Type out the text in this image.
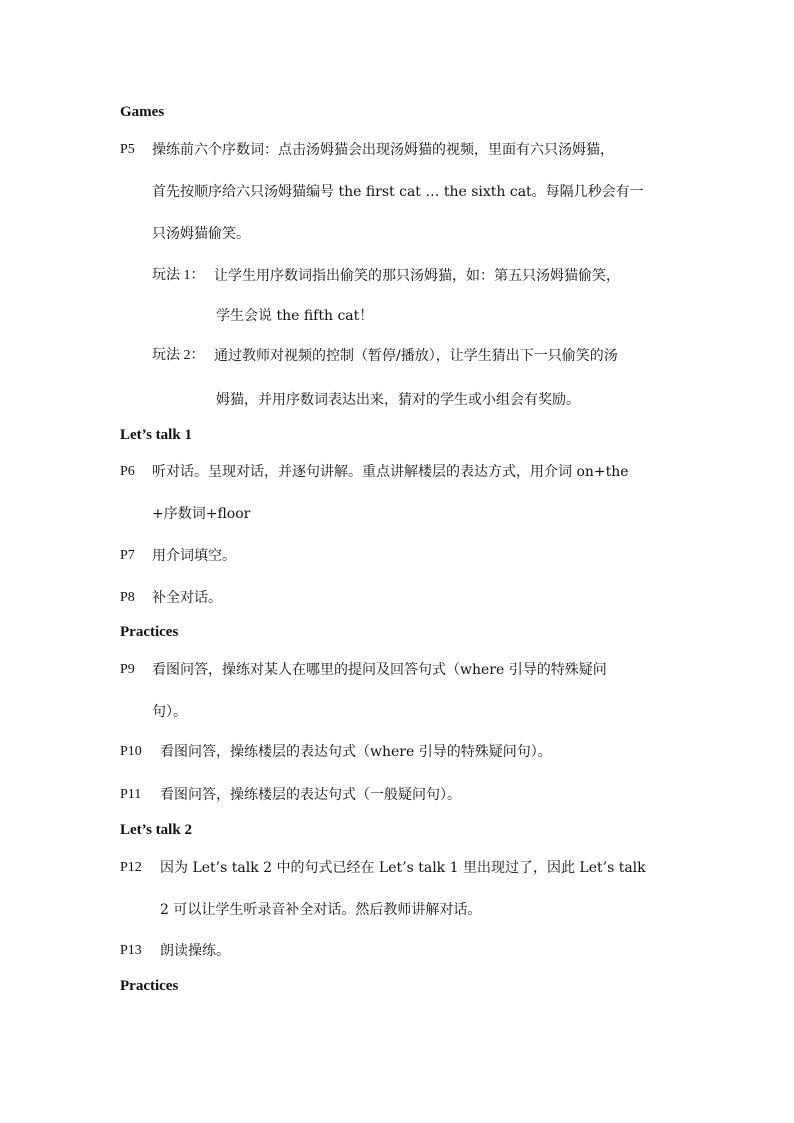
Games
P5 操练前六个序数词：点击汤姆猫会出现汤姆猫的视频，里面有六只汤姆猫，
首先按顺序给六只汤姆猫编号 the first cat … the sixth cat。每隔几秒会有一
只汤姆猫偷笑。
玩法 1： 让学生用序数词指出偷笑的那只汤姆猫，如：第五只汤姆猫偷笑，
学生会说 the fifth cat！
玩法 2： 通过教师对视频的控制（暂停/播放），让学生猜出下一只偷笑的汤
姆猫，并用序数词表达出来，猜对的学生或小组会有奖励。
Let’s talk 1
P6 听对话。呈现对话，并逐句讲解。重点讲解楼层的表达方式，用介词 on+the
+序数词+floor
P7 用介词填空。
P8 补全对话。
Practices
P9 看图问答，操练对某人在哪里的提问及回答句式（where 引导的特殊疑问
句）。
P10 看图问答，操练楼层的表达句式（where 引导的特殊疑问句）。
P11 看图问答，操练楼层的表达句式（一般疑问句）。
Let’s talk 2
P12 因为 Let’s talk 2 中的句式已经在 Let’s talk 1 里出现过了，因此 Let’s talk
2 可以让学生听录音补全对话。然后教师讲解对话。
P13 朗读操练。
Practices
